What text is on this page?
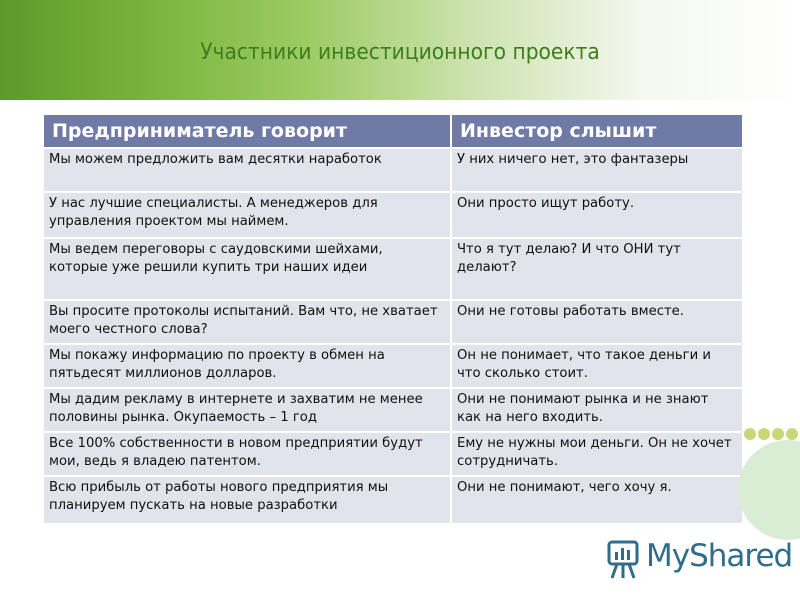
Участники инвестиционного проекта
Предприниматель говорит	Инвестор слышит
Мы можем предложить вам десятки наработок	У них ничего нет, это фантазеры
У нас лучшие специалисты. А менеджеров для управления проектом мы наймем.	Они просто ищут работу.
Мы ведем переговоры с саудовскими шейхами, которые уже решили купить три наших идеи	Что я тут делаю? И что ОНИ тут делают?
Вы просите протоколы испытаний. Вам что, не хватает моего честного слова?	Они не готовы работать вместе.
Мы покажу информацию по проекту в обмен на пятьдесят миллионов долларов.	Он не понимает, что такое деньги и что сколько стоит.
Мы дадим рекламу в интернете и захватим не менее половины рынка. Окупаемость – 1 год	Они не понимают рынка и не знают как на него входить.
Все 100% собственности в новом предприятии будут мои, ведь я владею патентом.	Ему не нужны мои деньги. Он не хочет сотрудничать.
Всю прибыль от работы нового предприятия мы планируем пускать на новые разработки	Они не понимают, чего хочу я.
MyShared
